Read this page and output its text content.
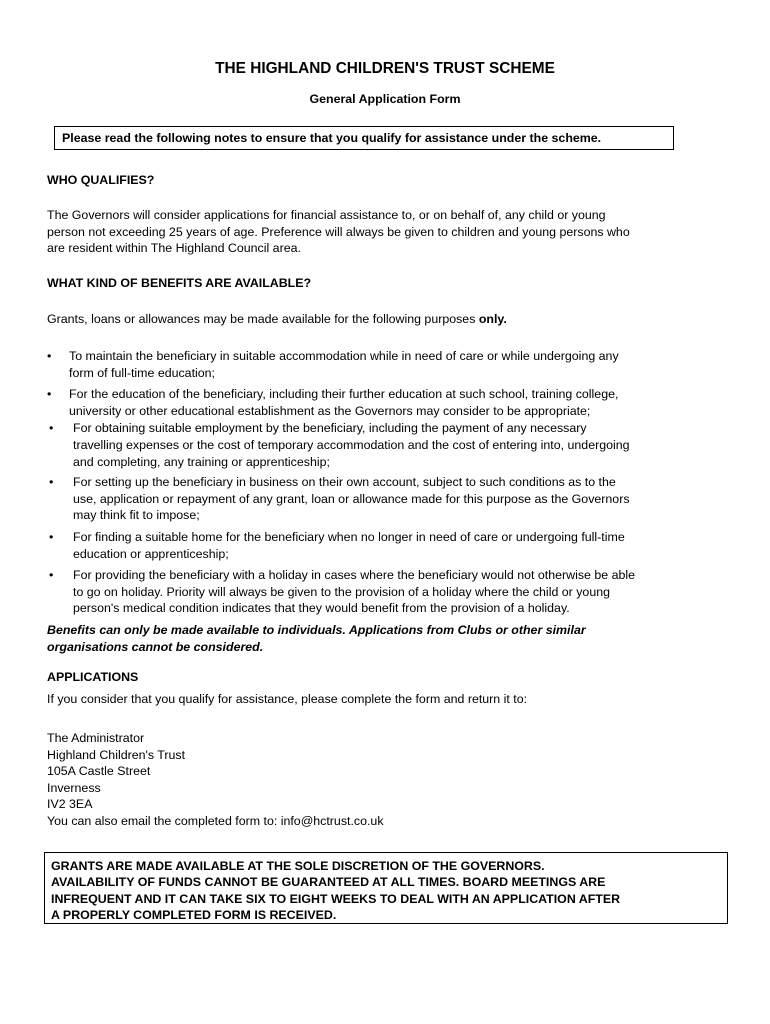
THE HIGHLAND CHILDREN'S TRUST SCHEME
General Application Form
Please read the following notes to ensure that you qualify for assistance under the scheme.
WHO QUALIFIES?
The Governors will consider applications for financial assistance to, or on behalf of, any child or young
person not exceeding 25 years of age. Preference will always be given to children and young persons who
are resident within The Highland Council area.
WHAT KIND OF BENEFITS ARE AVAILABLE?
Grants, loans or allowances may be made available for the following purposes only.
•	To maintain the beneficiary in suitable accommodation while in need of care or while undergoing any
form of full-time education;
•	For the education of the beneficiary, including their further education at such school, training college,
university or other educational establishment as the Governors may consider to be appropriate;
•	For obtaining suitable employment by the beneficiary, including the payment of any necessary
travelling expenses or the cost of temporary accommodation and the cost of entering into, undergoing
and completing, any training or apprenticeship;
•	For setting up the beneficiary in business on their own account, subject to such conditions as to the
use, application or repayment of any grant, loan or allowance made for this purpose as the Governors
may think fit to impose;
•	For finding a suitable home for the beneficiary when no longer in need of care or undergoing full-time
education or apprenticeship;
•	For providing the beneficiary with a holiday in cases where the beneficiary would not otherwise be able
to go on holiday. Priority will always be given to the provision of a holiday where the child or young
person's medical condition indicates that they would benefit from the provision of a holiday.
Benefits can only be made available to individuals. Applications from Clubs or other similar
organisations cannot be considered.
APPLICATIONS
If you consider that you qualify for assistance, please complete the form and return it to:
The Administrator
Highland Children's Trust
105A Castle Street
Inverness
IV2 3EA
You can also email the completed form to: info@hctrust.co.uk
GRANTS ARE MADE AVAILABLE AT THE SOLE DISCRETION OF THE GOVERNORS.
AVAILABILITY OF FUNDS CANNOT BE GUARANTEED AT ALL TIMES. BOARD MEETINGS ARE
INFREQUENT AND IT CAN TAKE SIX TO EIGHT WEEKS TO DEAL WITH AN APPLICATION AFTER
A PROPERLY COMPLETED FORM IS RECEIVED.
